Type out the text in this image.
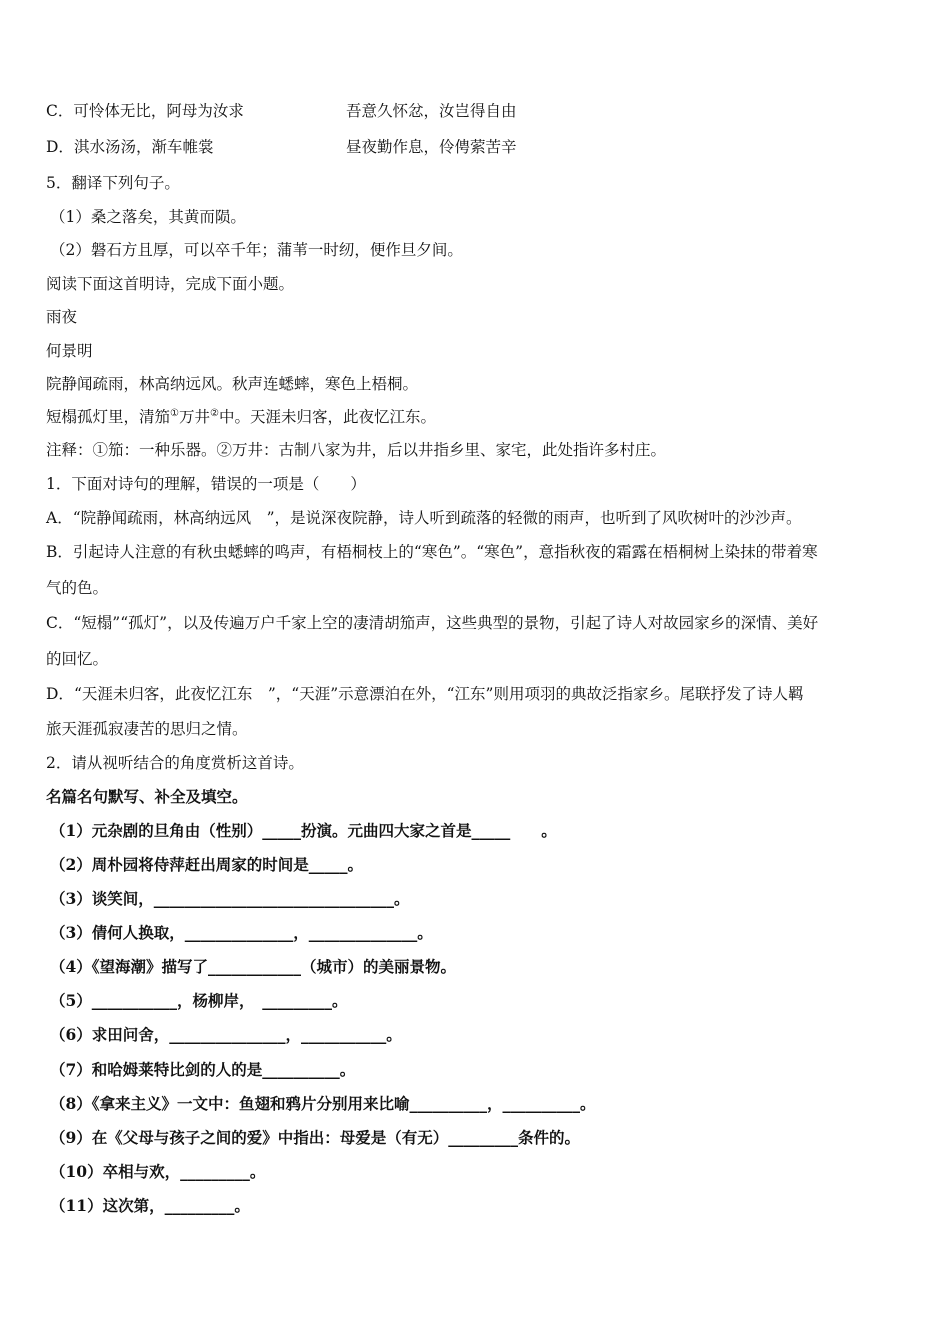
C．可怜体无比，阿母为汝求	吾意久怀忿，汝岂得自由
D．淇水汤汤，渐车帷裳	昼夜勤作息，伶俜萦苦辛
5．翻译下列句子。
（1）桑之落矣，其黄而陨。
（2）磐石方且厚，可以卒千年；蒲苇一时纫，便作旦夕间。
阅读下面这首明诗，完成下面小题。
雨夜
何景明
院静闻疏雨，林高纳远风。秋声连蟋蟀，寒色上梧桐。
短榻孤灯里，清笳①万井②中。天涯未归客，此夜忆江东。
注释：①笳：一种乐器。②万井：古制八家为井，后以井指乡里、家宅，此处指许多村庄。
1．下面对诗句的理解，错误的一项是（　　）
A．“院静闻疏雨，林高纳远风　”，是说深夜院静，诗人听到疏落的轻微的雨声，也听到了风吹树叶的沙沙声。
B．引起诗人注意的有秋虫蟋蟀的鸣声，有梧桐枝上的“寒色”。“寒色”，意指秋夜的霜露在梧桐树上染抹的带着寒
气的色。
C．“短榻”“孤灯”，以及传遍万户千家上空的凄清胡笳声，这些典型的景物，引起了诗人对故园家乡的深情、美好
的回忆。
D．“天涯未归客，此夜忆江东　”，“天涯”示意漂泊在外，“江东”则用项羽的典故泛指家乡。尾联抒发了诗人羁
旅天涯孤寂凄苦的思归之情。
2．请从视听结合的角度赏析这首诗。
名篇名句默写、补全及填空。
（1）元杂剧的旦角由（性别）_____扮演。元曲四大家之首是_____　　。
（2）周朴园将侍萍赶出周家的时间是_____。
（3）谈笑间，_______________________________。
（3）倩何人换取，______________，______________。
（4）《望海潮》描写了____________（城市）的美丽景物。
（5）___________，杨柳岸，　_________。
（6）求田问舍，_______________，___________。
（7）和哈姆莱特比剑的人的是__________。
（8）《拿来主义》一文中：鱼翅和鸦片分别用来比喻__________，__________。
（9）在《父母与孩子之间的爱》中指出：母爱是（有无）_________条件的。
（10）卒相与欢，_________。
（11）这次第，_________。
